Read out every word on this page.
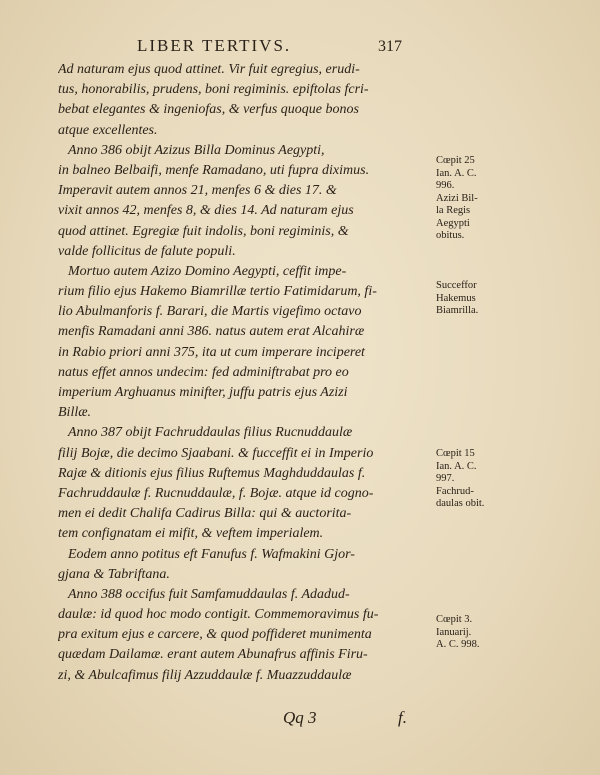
LIBER TERTIVS.	317
Ad naturam ejus quod attinet. Vir fuit egregius, erudi-
tus, honorabilis, prudens, boni regiminis. epiftolas fcri-
bebat elegantes & ingeniofas, & verfus quoque bonos
atque excellentes.
Anno 386 obijt Azizus Billa Dominus Aegypti,
in balneo Belbaifi, menfe Ramadano, uti fupra diximus.
Imperavit autem annos 21, menfes 6 & dies 17. &
vixit annos 42, menfes 8, & dies 14. Ad naturam ejus
quod attinet. Egregiæ fuit indolis, boni regiminis, &
valde follicitus de falute populi.
Mortuo autem Azizo Domino Aegypti, ceffit impe-
rium filio ejus Hakemo Biamrillæ tertio Fatimidarum, fi-
lio Abulmanforis f. Barari, die Martis vigefimo octavo
menfis Ramadani anni 386. natus autem erat Alcahiræ
in Rabio priori anni 375, ita ut cum imperare inciperet
natus effet annos undecim: fed adminiftrabat pro eo
imperium Arghuanus minifter, juffu patris ejus Azizi
Billæ.
Anno 387 obijt Fachruddaulas filius Rucnuddaulæ
filij Bojæ, die decimo Sjaabani. & fucceffit ei in Imperio
Rajæ & ditionis ejus filius Ruftemus Maghduddaulas f.
Fachruddaulæ f. Rucnuddaulæ, f. Bojæ. atque id cogno-
men ei dedit Chalifa Cadirus Billa: qui & auctorita-
tem confignatam ei mifit, & veftem imperialem.
Eodem anno potitus eft Fanufus f. Wafmakini Gjor-
gjana & Tabriftana.
Anno 388 occifus fuit Samfamuddaulas f. Adadud-
daulæ: id quod hoc modo contigit. Commemoravimus fu-
pra exitum ejus e carcere, & quod poffideret munimenta
quædam Dailamæ. erant autem Abunafrus affinis Firu-
zi, & Abulcafimus filij Azzuddaulæ f. Muazzuddaulæ
Cœpit 25
Ian. A. C.
996.
Azizi Bil-
la Regis
Aegypti
obitus.
Succeffor
Hakemus
Biamrilla.
Cœpit 15
Ian. A. C.
997.
Fachrud-
daulas obit.
Cœpit 3.
Ianuarij.
A. C. 998.
Qq 3	f.
